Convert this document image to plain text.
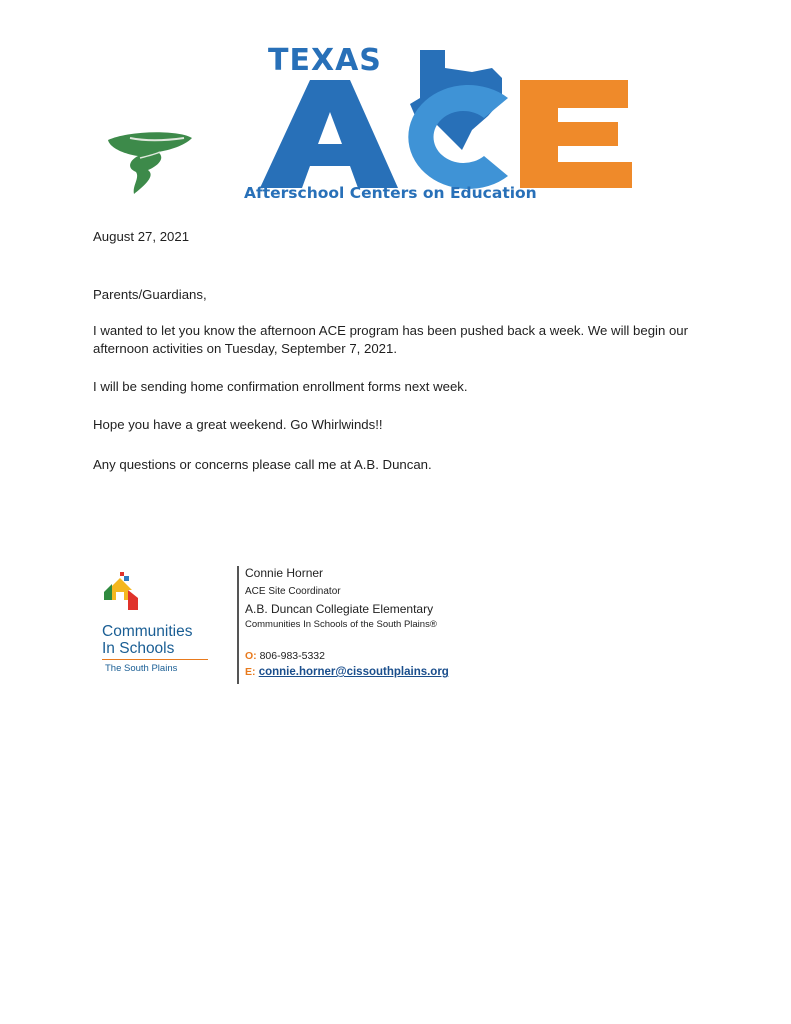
TEXAS
Afterschool Centers on Education

August 27, 2021

Parents/Guardians,

I wanted to let you know the afternoon ACE program has been pushed back a week. We will begin our afternoon activities on Tuesday, September 7, 2021.

I will be sending home confirmation enrollment forms next week.

Hope you have a great weekend. Go Whirlwinds!!

Any questions or concerns please call me at A.B. Duncan.

Communities
In Schools
The South Plains
Connie Horner
ACE Site Coordinator
A.B. Duncan Collegiate Elementary
Communities In Schools of the South Plains®
O: 806-983-5332
E: connie.horner@cissouthplains.org
